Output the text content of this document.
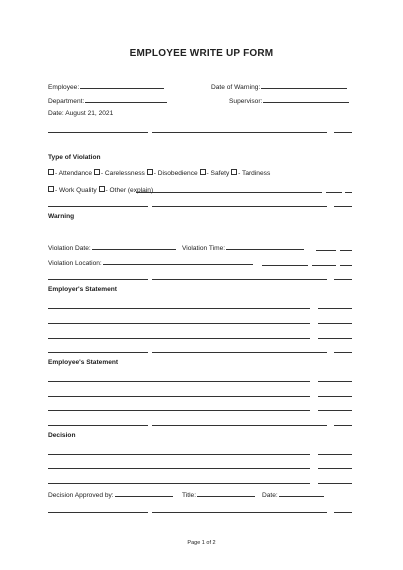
EMPLOYEE WRITE UP FORM
Employee:	Date of Warning:
Department:	Supervisor:
Date: August 21, 2021
Type of Violation
- Attendance - Carelessness - Disobedience - Safety - Tardiness
- Work Quality - Other (explain)
Warning
Violation Date:	Violation Time:
Violation Location:
Employer's Statement
Employee's Statement
Decision
Decision Approved by:	Title:	Date:
Page 1 of 2
